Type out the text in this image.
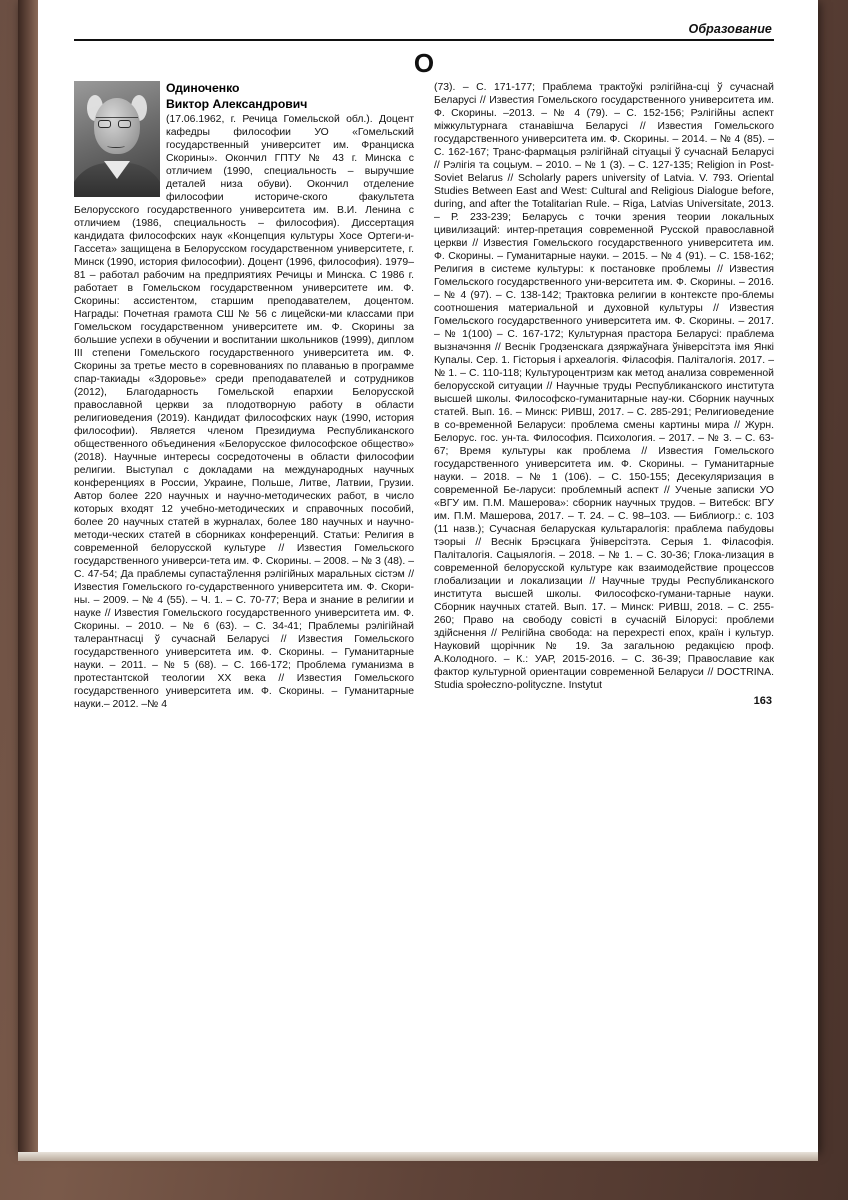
Образование
О
Одиноченко
Виктор Александрович
(17.06.1962, г. Речица Гомельской обл.). Доцент кафедры философии УО «Гомельский государственный университет им. Франциска Скорины». Окончил ГПТУ № 43 г. Минска с отличием (1990, специальность – выручшие деталей низа обуви). Окончил отделение философии историче-ского факультета Белорусского государственного университета им. В.И. Ленина с отличием (1986, специальность – философия). Диссертация кандидата философских наук «Концепция культуры Хосе Ортеги-и-Гассета» защищена в Белорусском государственном университете, г. Минск (1990, история философии). Доцент (1996, философия). 1979–81 – работал рабочим на предприятиях Речицы и Минска. С 1986 г. работает в Гомельском государственном университете им. Ф. Скорины: ассистентом, старшим преподавателем, доцентом. Награды: Почетная грамота СШ № 56 с лицейски-ми классами при Гомельском государственном университете им. Ф. Скорины за большие успехи в обучении и воспитании школьников (1999), диплом III степени Гомельского государственного университета им. Ф. Скорины за третье место в соревнованиях по плаванью в программе спар-такиады «Здоровье» среди преподавателей и сотрудников (2012), Благодарность Гомельской епархии Белорусской православной церкви за плодотворную работу в области религиоведения (2019). Кандидат философских наук (1990, история философии). Является членом Президиума Республиканского общественного объединения «Белорусское философское общество» (2018). Научные интересы сосредоточены в области философии религии. Выступал с докладами на международных научных конференциях в России, Украине, Польше, Литве, Латвии, Грузии. Автор более 220 научных и научно-методических работ, в число которых входят 12 учебно-методических и справочных пособий, более 20 научных статей в журналах, более 180 научных и научно-методи-ческих статей в сборниках конференций. Статьи: Религия в современной белорусской культуре // Известия Гомельского государственного универси-тета им. Ф. Скорины. – 2008. – № 3 (48). – С. 47-54; Да праблемы супастаўлення рэлігійных маральных сістэм // Известия Гомельского го-сударственного университета им. Ф. Скори-ны. – 2009. – № 4 (55). – Ч. 1. – С. 70-77; Вера и знание в религии и науке // Известия Гомельского государственного университета им. Ф. Скорины. – 2010. – № 6 (63). – С. 34-41; Праблемы рэлігійнай талерантнасці ў сучаснай Беларусі // Известия Гомельского государственного университета им. Ф. Скорины. – Гуманитарные науки. – 2011. – № 5 (68). – С. 166-172; Проблема гуманизма в протестантской теологии XX века // Известия Гомельского государственного университета им. Ф. Скорины. – Гуманитарные науки.– 2012. –№ 4
(73). – С. 171-177; Праблема трактоўкі рэлігійна-сці ў сучаснай Беларусі // Известия Гомельского государственного университета им. Ф. Скорины. –2013. – № 4 (79). – С. 152-156; Рэлігійны аспект міжкультурнага станавішча Беларусі // Известия Гомельского государственного университета им. Ф. Скорины. – 2014. – № 4 (85). – С. 162-167; Транс-фармацыя рэлігійнай сітуацыі ў сучаснай Беларусі // Рэлігія та соцыум. – 2010. – № 1 (3). – С. 127-135; Religion in Post-Soviet Belarus // Scholarly papers university of Latvia. V. 793. Oriental Studies Between East and West: Cultural and Religious Dialogue before, during, and after the Totalitarian Rule. – Riga, Latvias Universitate, 2013. – Р. 233-239; Беларусь с точки зрения теории локальных цивилизаций: интер-претация современной Русской православной церкви // Известия Гомельского государственного университета им. Ф. Скорины. – Гуманитарные науки. – 2015. – № 4 (91). – С. 158-162; Религия в системе культуры: к постановке проблемы // Известия Гомельского государственного уни-верситета им. Ф. Скорины. – 2016. – № 4 (97). – С. 138-142; Трактовка религии в контексте про-блемы соотношения материальной и духовной культуры // Известия Гомельского государственного университета им. Ф. Скорины. – 2017. – № 1(100) – С. 167-172; Культурная прастора Беларусі: праблема вызначэння // Веснік Гродзенскага дзяржаўнага ўніверсітэта імя Янкі Купалы. Сер. 1. Гісторыя і археалогія. Філасофія. Паліталогія. 2017. – № 1. – С. 110-118; Культуроцентризм как метод анализа современной белорусской ситуации // Научные труды Республиканского института высшей школы. Философско-гуманитарные нау-ки. Сборник научных статей. Вып. 16. – Минск: РИВШ, 2017. – С. 285-291; Религиоведение в со-временной Беларуси: проблема смены картины мира // Журн. Белорус. гос. ун-та. Философия. Психология. – 2017. – № 3. – С. 63-67; Время культуры как проблема // Известия Гомельского государственного университета им. Ф. Скорины. – Гуманитарные науки. – 2018. – № 1 (106). – С. 150-155; Десекуляризация в современной Бе-ларуси: проблемный аспект // Ученые записки УО «ВГУ им. П.М. Машерова»: сборник научных трудов. – Витебск: ВГУ им. П.М. Машерова, 2017. – Т. 24. – С. 98–103. –– Библиогр.: с. 103 (11 назв.); Сучасная беларуская культаралогія: праблема пабудовы тэорыі // Веснік Брэсцкага ўніверсітэта. Серыя 1. Філасофія. Паліталогія. Сацыялогія. – 2018. – № 1. – С. 30-36; Глока-лизация в современной белорусской культуре как взаимодействие процессов глобализации и локализации // Научные труды Республиканского института высшей школы. Философско-гумани-тарные науки. Сборник научных статей. Вып. 17. – Минск: РИВШ, 2018. – С. 255-260; Право на свободу совісті в сучасній Білорусі: проблеми здійснення // Релігійна свобода: на перехресті епох, країн і культур. Науковий щорічник № 19. За загальною редакцією проф. А.Колодного. – К.: УАР, 2015-2016. – С. 36-39; Православие как фактор культурной ориентации современной Беларуси // DOCTRINA. Studia społeczno-polityczne. Instytut
163
